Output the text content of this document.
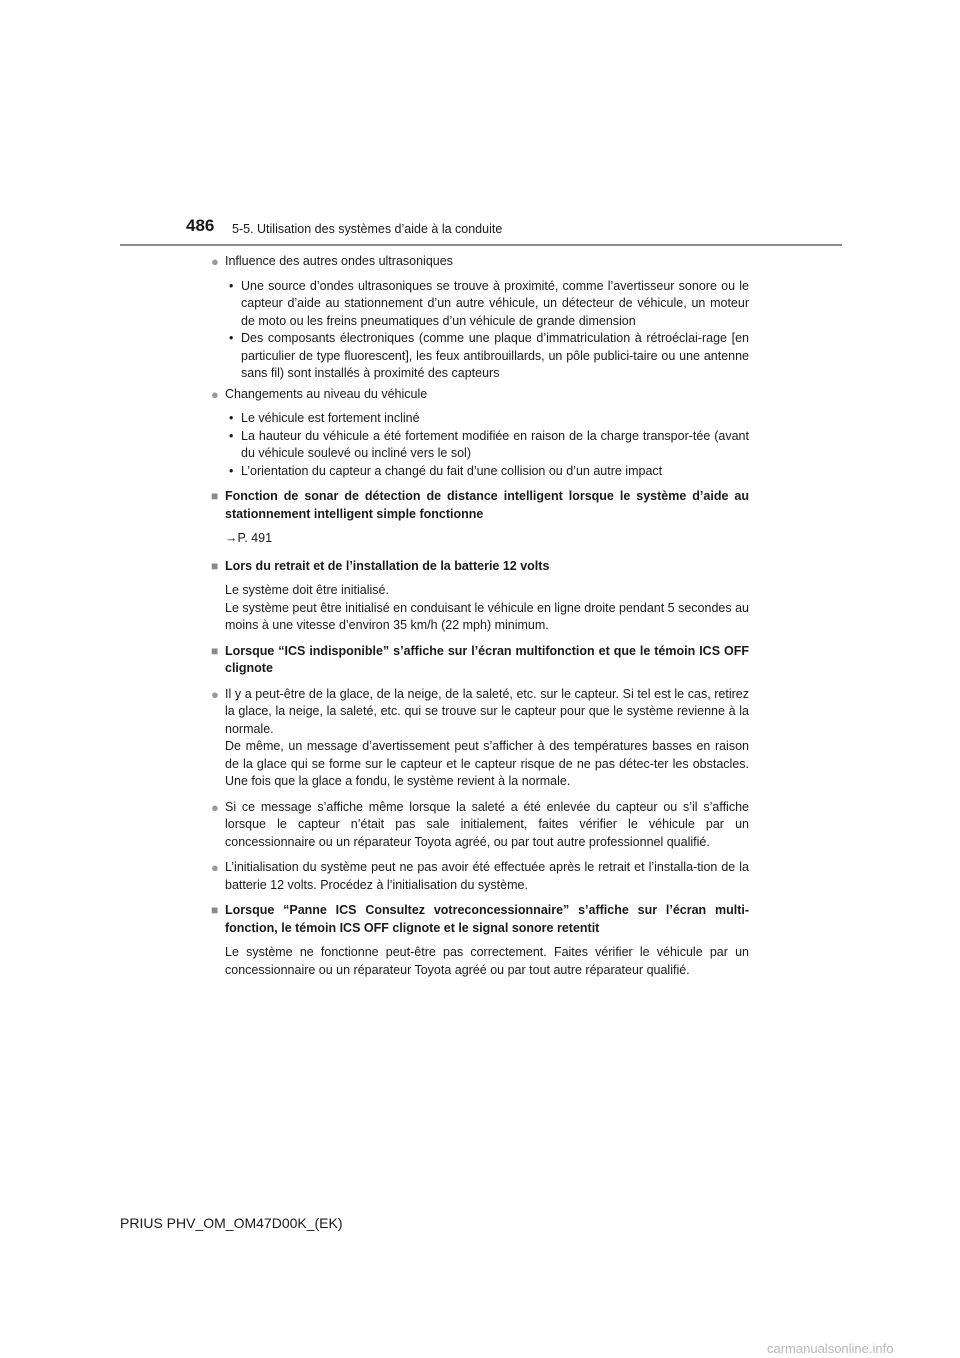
486 5-5. Utilisation des systèmes d’aide à la conduite
● Influence des autres ondes ultrasoniques
• Une source d’ondes ultrasoniques se trouve à proximité, comme l’avertisseur sonore ou le capteur d’aide au stationnement d’un autre véhicule, un détecteur de véhicule, un moteur de moto ou les freins pneumatiques d’un véhicule de grande dimension
• Des composants électroniques (comme une plaque d’immatriculation à rétroéclai-rage [en particulier de type fluorescent], les feux antibrouillards, un pôle publici-taire ou une antenne sans fil) sont installés à proximité des capteurs
● Changements au niveau du véhicule
• Le véhicule est fortement incliné
• La hauteur du véhicule a été fortement modifiée en raison de la charge transpor-tée (avant du véhicule soulevé ou incliné vers le sol)
• L’orientation du capteur a changé du fait d’une collision ou d’un autre impact
■ Fonction de sonar de détection de distance intelligent lorsque le système d’aide au stationnement intelligent simple fonctionne
→P. 491
■ Lors du retrait et de l’installation de la batterie 12 volts
Le système doit être initialisé.
Le système peut être initialisé en conduisant le véhicule en ligne droite pendant 5 secondes au moins à une vitesse d’environ 35 km/h (22 mph) minimum.
■ Lorsque “ICS indisponible” s’affiche sur l’écran multifonction et que le témoin ICS OFF clignote
● Il y a peut-être de la glace, de la neige, de la saleté, etc. sur le capteur. Si tel est le cas, retirez la glace, la neige, la saleté, etc. qui se trouve sur le capteur pour que le système revienne à la normale.
De même, un message d’avertissement peut s’afficher à des températures basses en raison de la glace qui se forme sur le capteur et le capteur risque de ne pas détec-ter les obstacles. Une fois que la glace a fondu, le système revient à la normale.
● Si ce message s’affiche même lorsque la saleté a été enlevée du capteur ou s’il s’affiche lorsque le capteur n’était pas sale initialement, faites vérifier le véhicule par un concessionnaire ou un réparateur Toyota agréé, ou par tout autre professionnel qualifié.
● L’initialisation du système peut ne pas avoir été effectuée après le retrait et l’installa-tion de la batterie 12 volts. Procédez à l’initialisation du système.
■ Lorsque “Panne ICS Consultez votreconcessionnaire” s’affiche sur l’écran multi-fonction, le témoin ICS OFF clignote et le signal sonore retentit
Le système ne fonctionne peut-être pas correctement. Faites vérifier le véhicule par un concessionnaire ou un réparateur Toyota agréé ou par tout autre réparateur qualifié.
PRIUS PHV_OM_OM47D00K_(EK)
carmanualsonline.info
